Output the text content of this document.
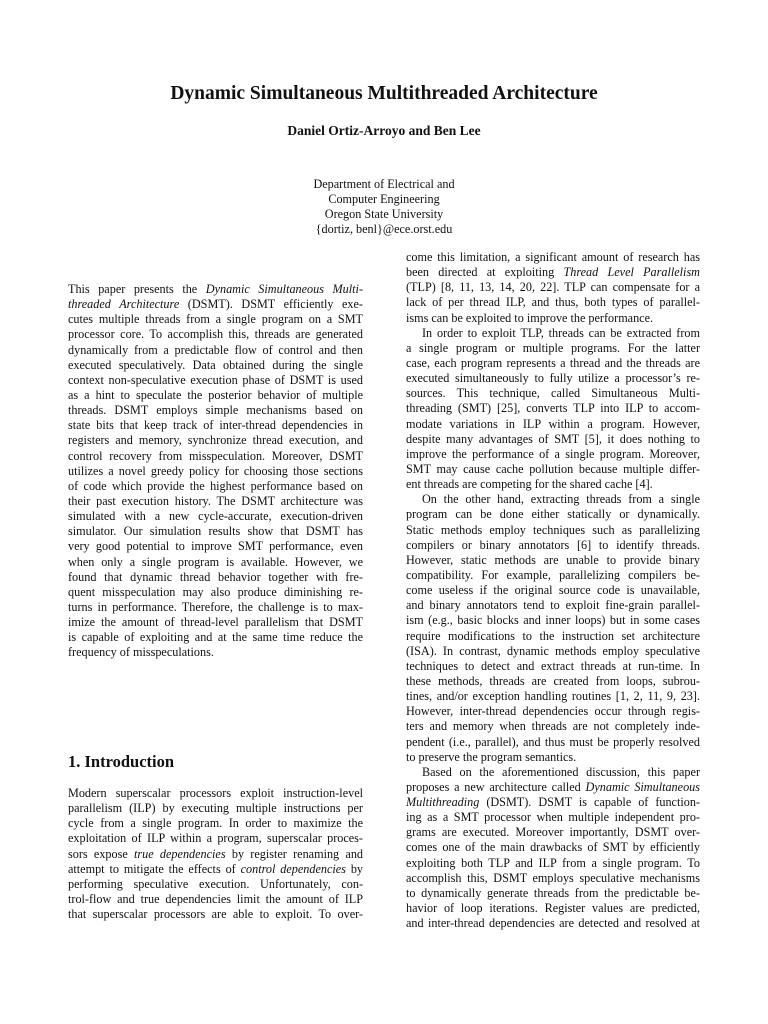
Dynamic Simultaneous Multithreaded Architecture
Daniel Ortiz-Arroyo and Ben Lee
Department of Electrical and
Computer Engineering
Oregon State University
{dortiz, benl}@ece.orst.edu
This paper presents the Dynamic Simultaneous Multi-
threaded Architecture (DSMT). DSMT efficiently exe-
cutes multiple threads from a single program on a SMT
processor core. To accomplish this, threads are generated
dynamically from a predictable flow of control and then
executed speculatively. Data obtained during the single
context non-speculative execution phase of DSMT is used
as a hint to speculate the posterior behavior of multiple
threads. DSMT employs simple mechanisms based on
state bits that keep track of inter-thread dependencies in
registers and memory, synchronize thread execution, and
control recovery from misspeculation. Moreover, DSMT
utilizes a novel greedy policy for choosing those sections
of code which provide the highest performance based on
their past execution history. The DSMT architecture was
simulated with a new cycle-accurate, execution-driven
simulator. Our simulation results show that DSMT has
very good potential to improve SMT performance, even
when only a single program is available. However, we
found that dynamic thread behavior together with fre-
quent misspeculation may also produce diminishing re-
turns in performance. Therefore, the challenge is to max-
imize the amount of thread-level parallelism that DSMT
is capable of exploiting and at the same time reduce the
frequency of misspeculations.
1. Introduction
Modern superscalar processors exploit instruction-level
parallelism (ILP) by executing multiple instructions per
cycle from a single program. In order to maximize the
exploitation of ILP within a program, superscalar proces-
sors expose true dependencies by register renaming and
attempt to mitigate the effects of control dependencies by
performing speculative execution. Unfortunately, con-
trol-flow and true dependencies limit the amount of ILP
that superscalar processors are able to exploit. To over-
come this limitation, a significant amount of research has
been directed at exploiting Thread Level Parallelism
(TLP) [8, 11, 13, 14, 20, 22]. TLP can compensate for a
lack of per thread ILP, and thus, both types of parallel-
isms can be exploited to improve the performance.
In order to exploit TLP, threads can be extracted from
a single program or multiple programs. For the latter
case, each program represents a thread and the threads are
executed simultaneously to fully utilize a processor’s re-
sources. This technique, called Simultaneous Multi-
threading (SMT) [25], converts TLP into ILP to accom-
modate variations in ILP within a program. However,
despite many advantages of SMT [5], it does nothing to
improve the performance of a single program. Moreover,
SMT may cause cache pollution because multiple differ-
ent threads are competing for the shared cache [4].
On the other hand, extracting threads from a single
program can be done either statically or dynamically.
Static methods employ techniques such as parallelizing
compilers or binary annotators [6] to identify threads.
However, static methods are unable to provide binary
compatibility. For example, parallelizing compilers be-
come useless if the original source code is unavailable,
and binary annotators tend to exploit fine-grain parallel-
ism (e.g., basic blocks and inner loops) but in some cases
require modifications to the instruction set architecture
(ISA). In contrast, dynamic methods employ speculative
techniques to detect and extract threads at run-time. In
these methods, threads are created from loops, subrou-
tines, and/or exception handling routines [1, 2, 11, 9, 23].
However, inter-thread dependencies occur through regis-
ters and memory when threads are not completely inde-
pendent (i.e., parallel), and thus must be properly resolved
to preserve the program semantics.
Based on the aforementioned discussion, this paper
proposes a new architecture called Dynamic Simultaneous
Multithreading (DSMT). DSMT is capable of function-
ing as a SMT processor when multiple independent pro-
grams are executed. Moreover importantly, DSMT over-
comes one of the main drawbacks of SMT by efficiently
exploiting both TLP and ILP from a single program. To
accomplish this, DSMT employs speculative mechanisms
to dynamically generate threads from the predictable be-
havior of loop iterations. Register values are predicted,
and inter-thread dependencies are detected and resolved at
